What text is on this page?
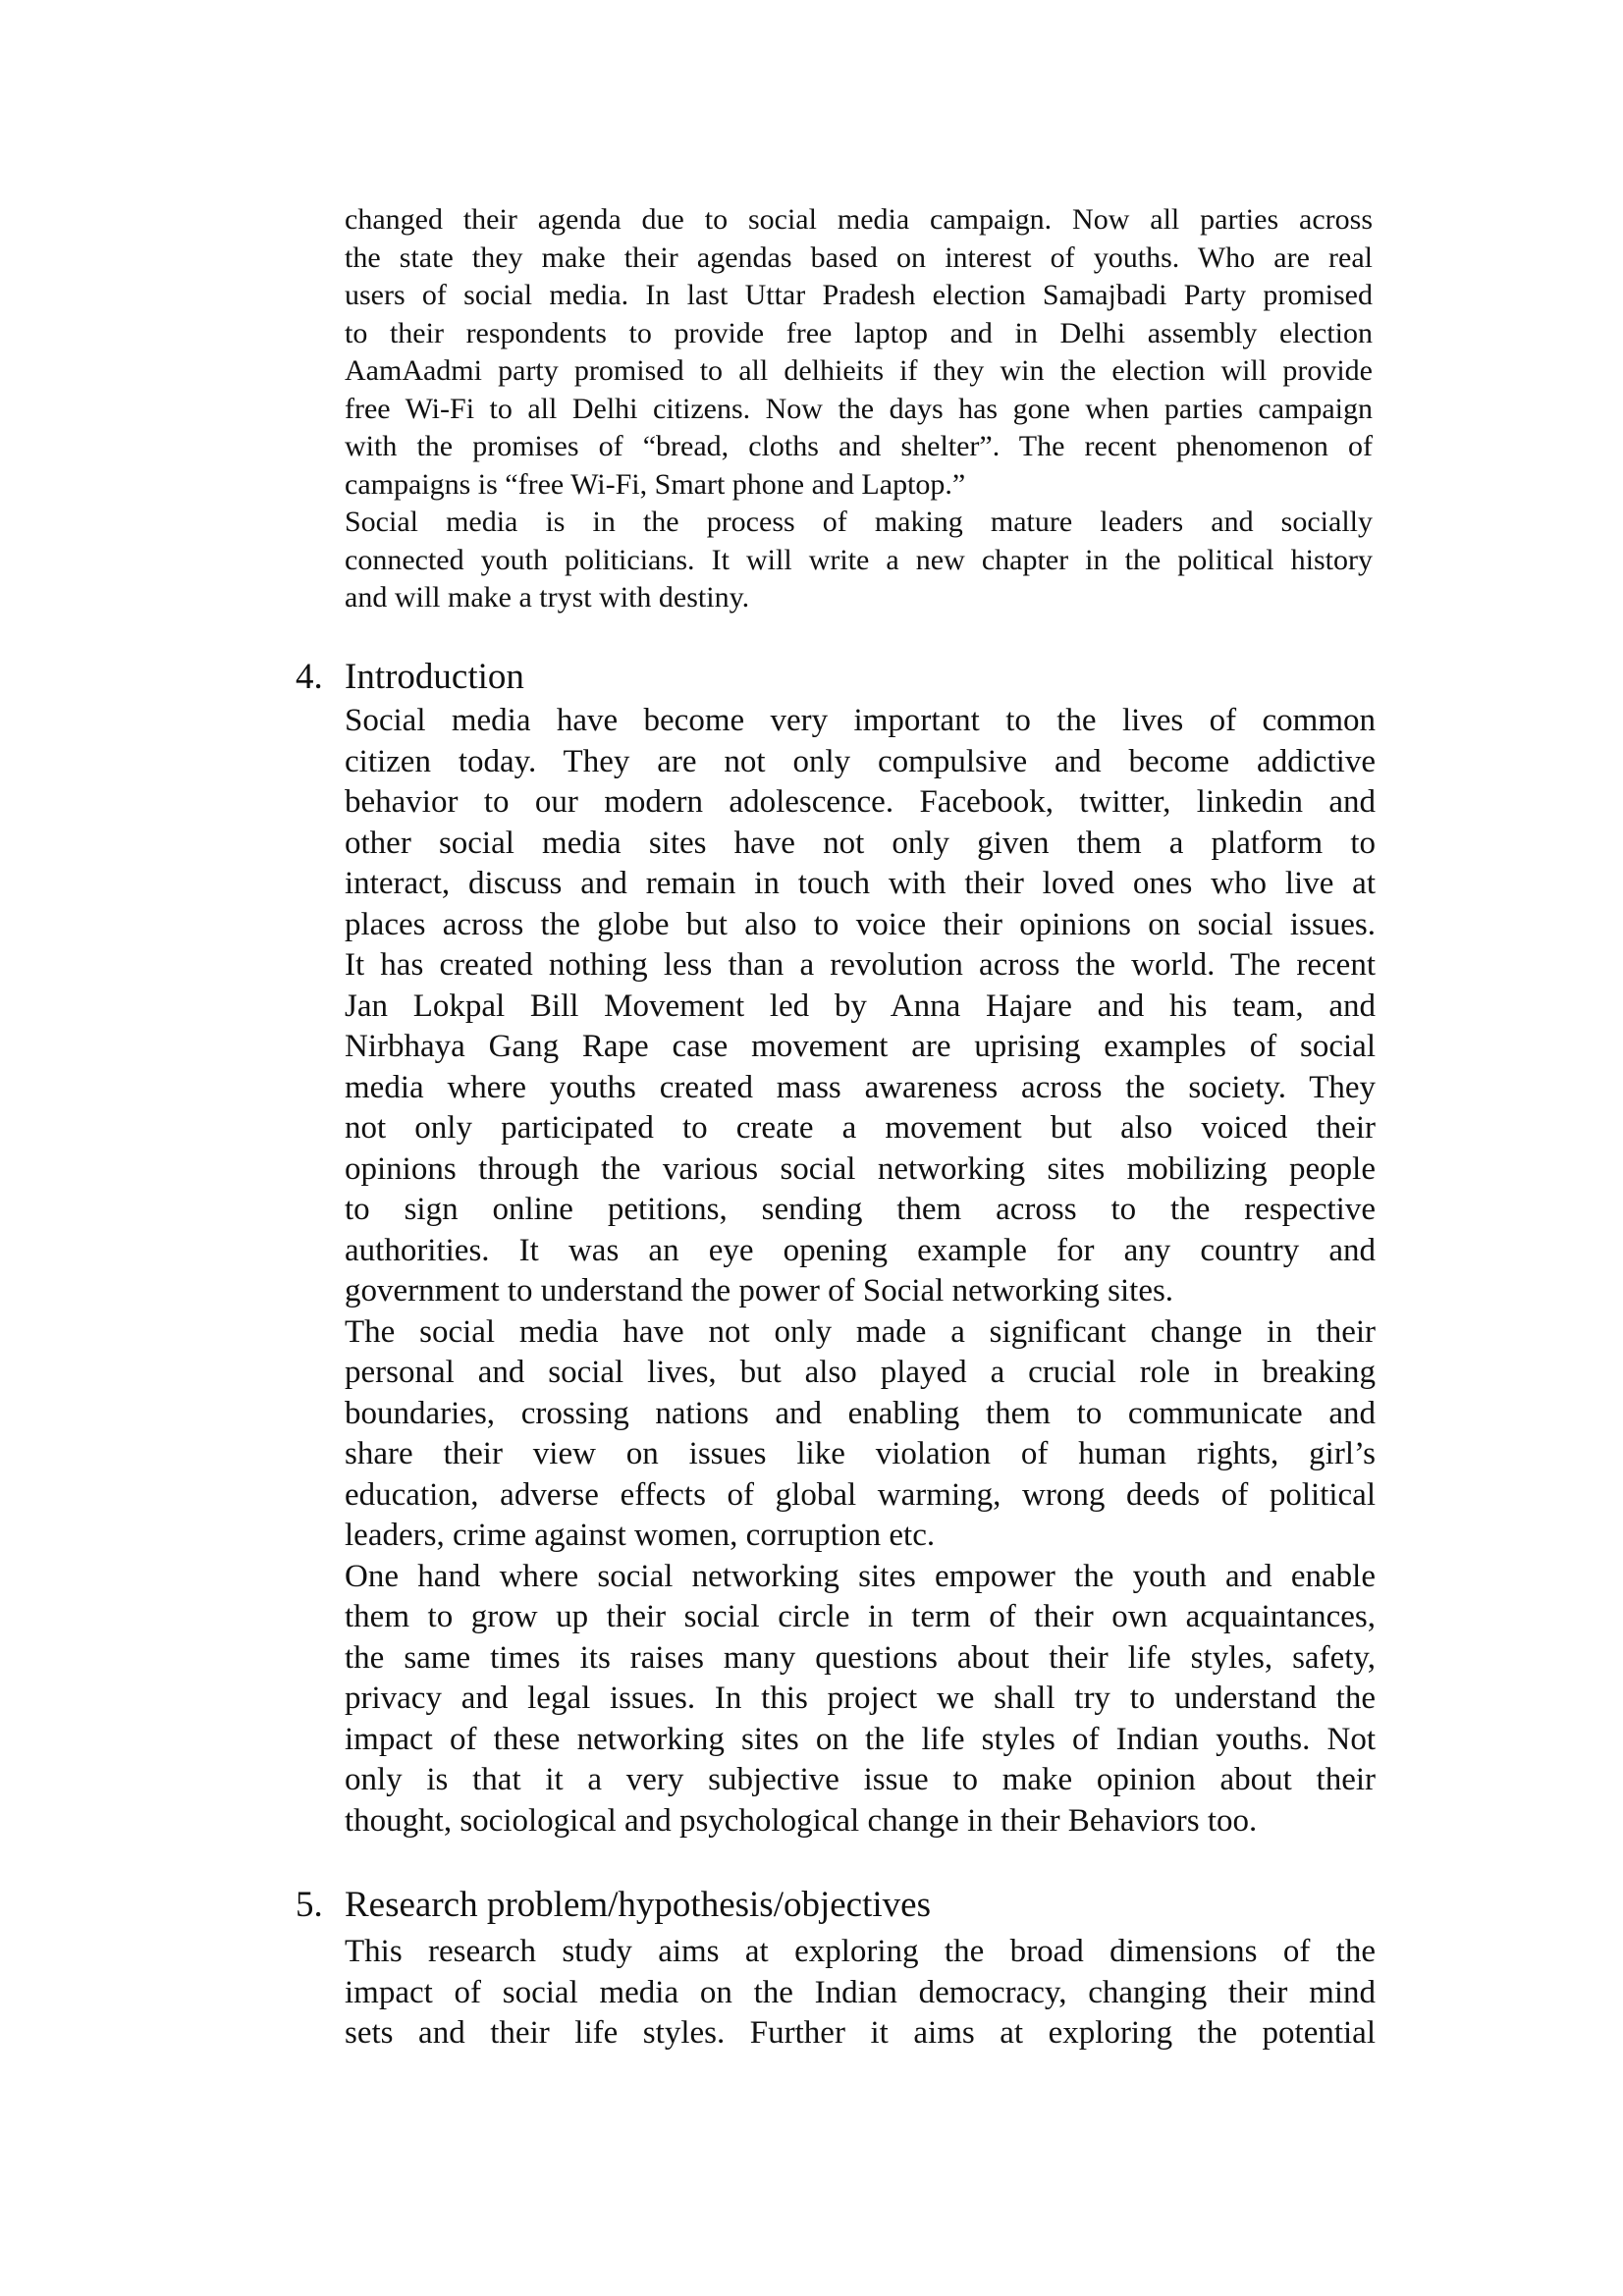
changed their agenda due to social media campaign. Now all parties across
the state they make their agendas based on interest of youths. Who are real
users of social media. In last Uttar Pradesh election Samajbadi Party promised
to their respondents to provide free laptop and in Delhi assembly election
AamAadmi party promised to all delhieits if they win the election will provide
free Wi-Fi to all Delhi citizens. Now the days has gone when parties campaign
with the promises of “bread, cloths and shelter”. The recent phenomenon of
campaigns is “free Wi-Fi, Smart phone and Laptop.”
Social media is in the process of making mature leaders and socially
connected youth politicians. It will write a new chapter in the political history
and will make a tryst with destiny.
4. Introduction
Social media have become very important to the lives of common
citizen today. They are not only compulsive and become addictive
behavior to our modern adolescence. Facebook, twitter, linkedin and
other social media sites have not only given them a platform to
interact, discuss and remain in touch with their loved ones who live at
places across the globe but also to voice their opinions on social issues.
It has created nothing less than a revolution across the world. The recent
Jan Lokpal Bill Movement led by Anna Hajare and his team, and
Nirbhaya Gang Rape case movement are uprising examples of social
media where youths created mass awareness across the society. They
not only participated to create a movement but also voiced their
opinions through the various social networking sites mobilizing people
to sign online petitions, sending them across to the respective
authorities. It was an eye opening example for any country and
government to understand the power of Social networking sites.
The social media have not only made a significant change in their
personal and social lives, but also played a crucial role in breaking
boundaries, crossing nations and enabling them to communicate and
share their view on issues like violation of human rights, girl’s
education, adverse effects of global warming, wrong deeds of political
leaders, crime against women, corruption etc.
One hand where social networking sites empower the youth and enable
them to grow up their social circle in term of their own acquaintances,
the same times its raises many questions about their life styles, safety,
privacy and legal issues. In this project we shall try to understand the
impact of these networking sites on the life styles of Indian youths. Not
only is that it a very subjective issue to make opinion about their
thought, sociological and psychological change in their Behaviors too.
5. Research problem/hypothesis/objectives
This research study aims at exploring the broad dimensions of the
impact of social media on the Indian democracy, changing their mind
sets and their life styles. Further it aims at exploring the potential
